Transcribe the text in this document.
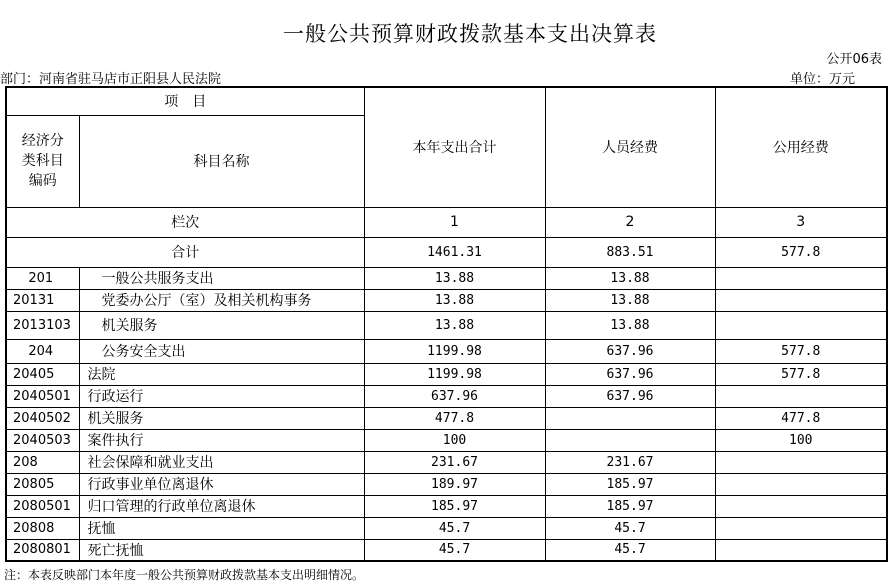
一般公共预算财政拨款基本支出决算表
公开06表
部门：河南省驻马店市正阳县人民法院	单位：万元
项　目		本年支出合计	人员经费	公用经费

经济分
类科目
编码	科目名称			
栏次		1	2	3
合计		1461.31	883.51	577.8
201	一般公共服务支出	13.88	13.88	
20131	党委办公厅（室）及相关机构事务	13.88	13.88	
2013103	机关服务	13.88	13.88	
204	公务安全支出	1199.98	637.96	577.8
20405	法院	1199.98	637.96	577.8
2040501	行政运行	637.96	637.96	
2040502	机关服务	477.8		477.8
2040503	案件执行	100		100
208	社会保障和就业支出	231.67	231.67	
20805	行政事业单位离退休	189.97	185.97	
2080501	归口管理的行政单位离退休	185.97	185.97	
20808	抚恤	45.7	45.7	
2080801	死亡抚恤	45.7	45.7	
注：本表反映部门本年度一般公共预算财政拨款基本支出明细情况。
